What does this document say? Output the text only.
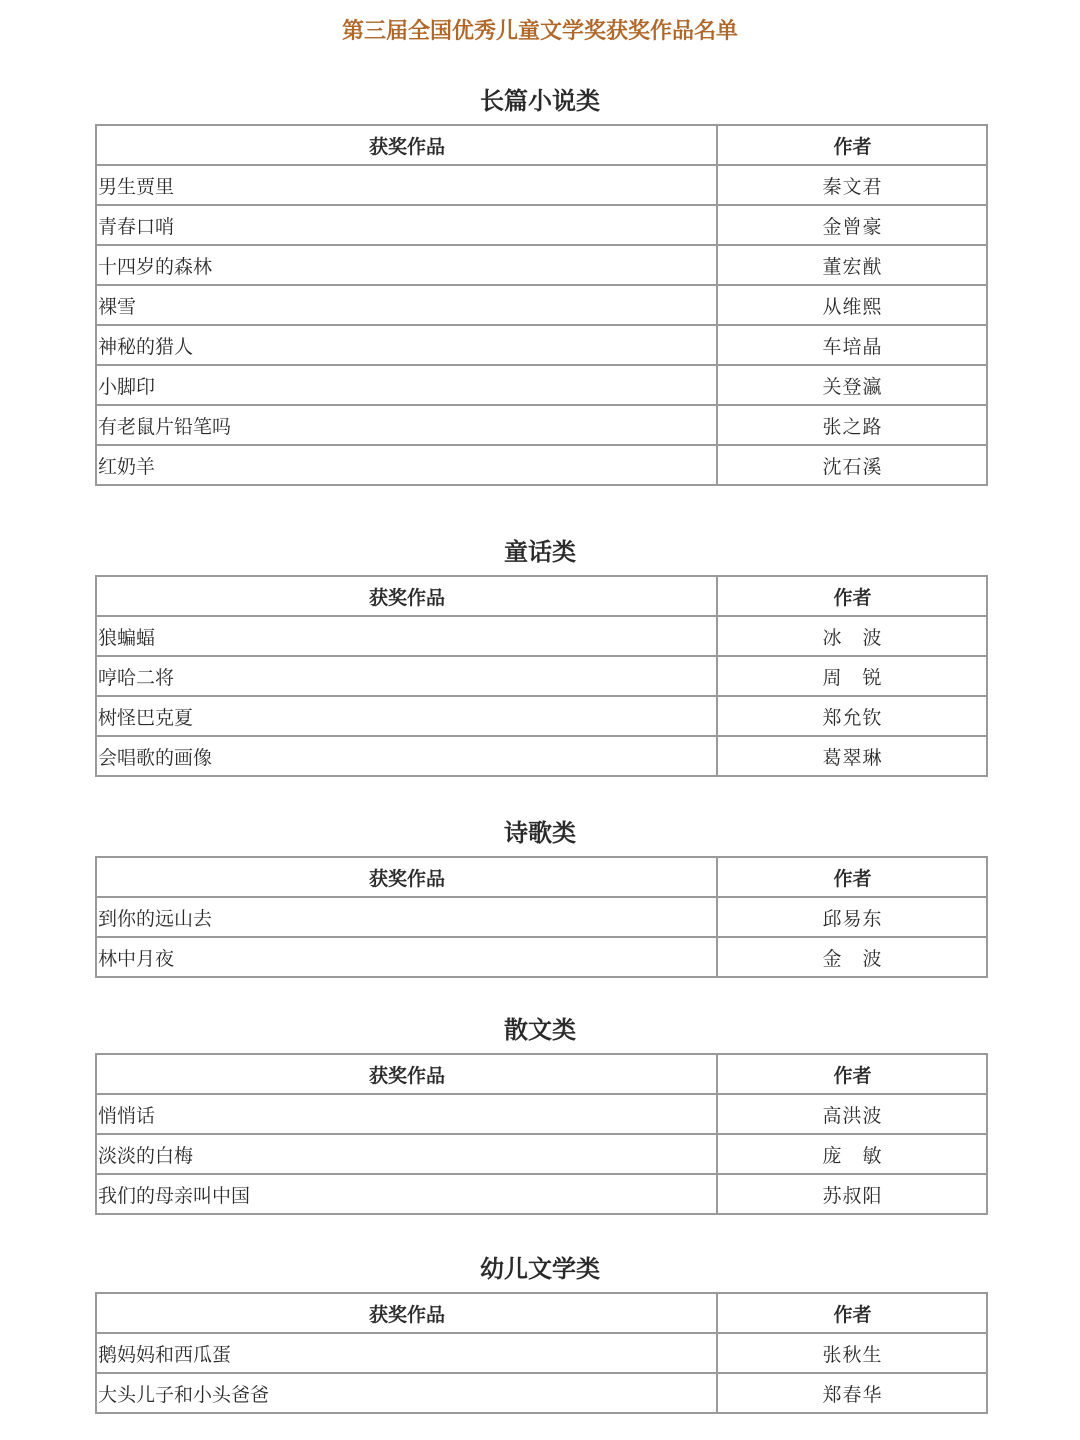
第三届全国优秀儿童文学奖获奖作品名单
长篇小说类
获奖作品	作者
男生贾里	秦文君
青春口哨	金曾豪
十四岁的森林	董宏猷
裸雪	从维熙
神秘的猎人	车培晶
小脚印	关登瀛
有老鼠片铅笔吗	张之路
红奶羊	沈石溪
童话类
获奖作品	作者
狼蝙蝠	冰　波
哼哈二将	周　锐
树怪巴克夏	郑允钦
会唱歌的画像	葛翠琳
诗歌类
获奖作品	作者
到你的远山去	邱易东
林中月夜	金　波
散文类
获奖作品	作者
悄悄话	高洪波
淡淡的白梅	庞　敏
我们的母亲叫中国	苏叔阳
幼儿文学类
获奖作品	作者
鹅妈妈和西瓜蛋	张秋生
大头儿子和小头爸爸	郑春华
